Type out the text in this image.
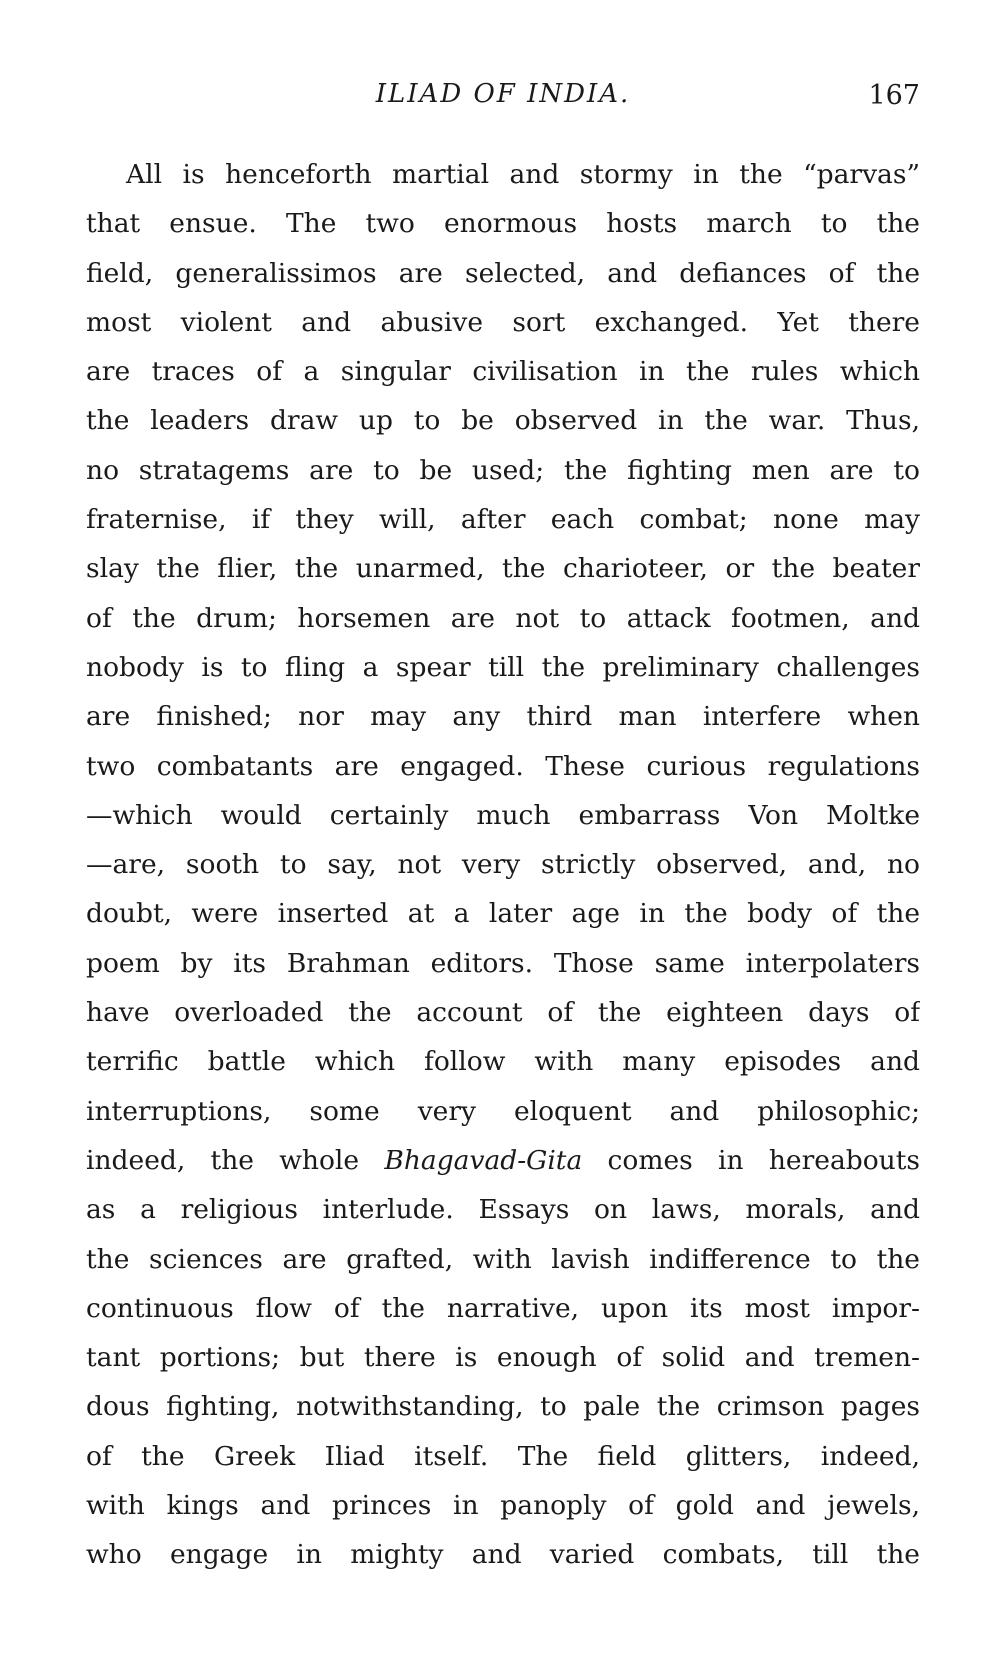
ILIAD OF INDIA.	167
All is henceforth martial and stormy in the “parvas”
that ensue. The two enormous hosts march to the
field, generalissimos are selected, and defiances of the
most violent and abusive sort exchanged. Yet there
are traces of a singular civilisation in the rules which
the leaders draw up to be observed in the war. Thus,
no stratagems are to be used; the fighting men are to
fraternise, if they will, after each combat; none may
slay the flier, the unarmed, the charioteer, or the beater
of the drum; horsemen are not to attack footmen, and
nobody is to fling a spear till the preliminary challenges
are finished; nor may any third man interfere when
two combatants are engaged. These curious regulations
—which would certainly much embarrass Von Moltke
—are, sooth to say, not very strictly observed, and, no
doubt, were inserted at a later age in the body of the
poem by its Brahman editors. Those same interpolaters
have overloaded the account of the eighteen days of
terrific battle which follow with many episodes and
interruptions, some very eloquent and philosophic;
indeed, the whole Bhagavad-Gita comes in hereabouts
as a religious interlude. Essays on laws, morals, and
the sciences are grafted, with lavish indifference to the
continuous flow of the narrative, upon its most impor-
tant portions; but there is enough of solid and tremen-
dous fighting, notwithstanding, to pale the crimson pages
of the Greek Iliad itself. The field glitters, indeed,
with kings and princes in panoply of gold and jewels,
who engage in mighty and varied combats, till the
